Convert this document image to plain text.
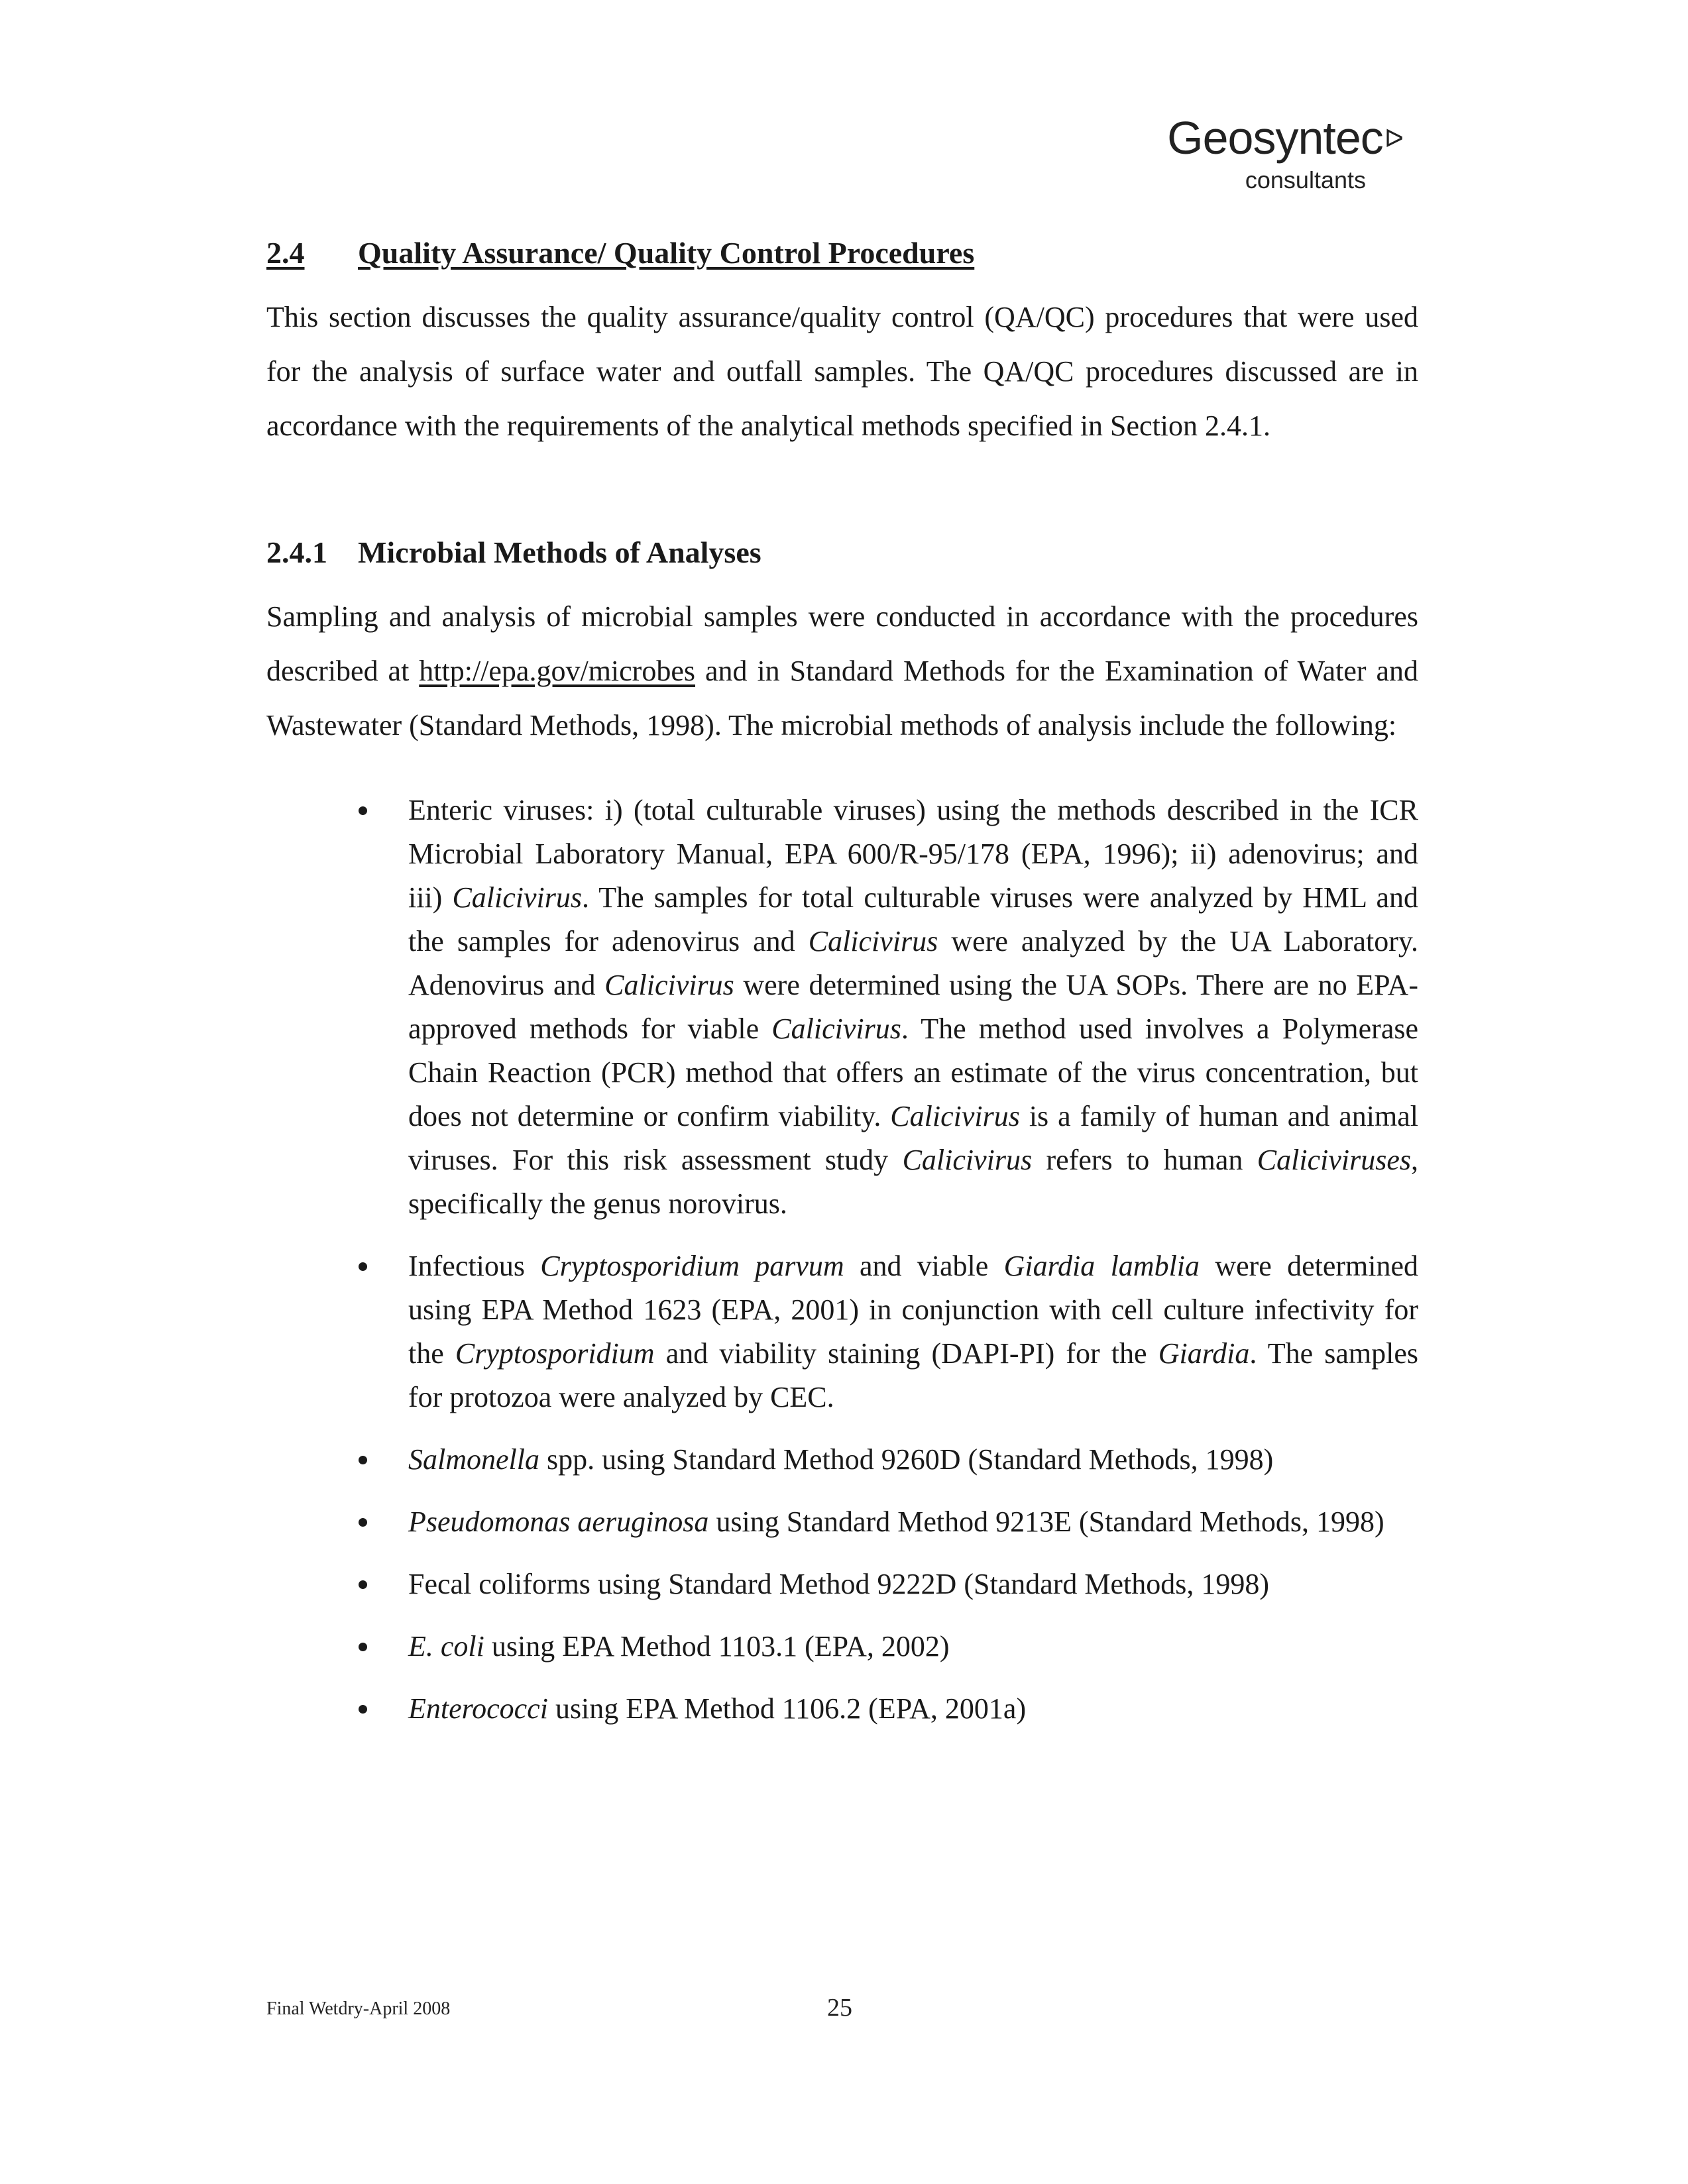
Geosyntecᐅ
consultants
2.4 Quality Assurance/ Quality Control Procedures

This section discusses the quality assurance/quality control (QA/QC) procedures that were used for the analysis of surface water and outfall samples. The QA/QC procedures discussed are in accordance with the requirements of the analytical methods specified in Section 2.4.1.

2.4.1 Microbial Methods of Analyses

Sampling and analysis of microbial samples were conducted in accordance with the procedures described at http://epa.gov/microbes and in Standard Methods for the Examination of Water and Wastewater (Standard Methods, 1998). The microbial methods of analysis include the following:

Enteric viruses: i) (total culturable viruses) using the methods described in the ICR Microbial Laboratory Manual, EPA 600/R-95/178 (EPA, 1996); ii) adenovirus; and iii) Calicivirus. The samples for total culturable viruses were analyzed by HML and the samples for adenovirus and Calicivirus were analyzed by the UA Laboratory. Adenovirus and Calicivirus were determined using the UA SOPs. There are no EPA-approved methods for viable Calicivirus. The method used involves a Polymerase Chain Reaction (PCR) method that offers an estimate of the virus concentration, but does not determine or confirm viability. Calicivirus is a family of human and animal viruses. For this risk assessment study Calicivirus refers to human Caliciviruses, specifically the genus norovirus.
Infectious Cryptosporidium parvum and viable Giardia lamblia were determined using EPA Method 1623 (EPA, 2001) in conjunction with cell culture infectivity for the Cryptosporidium and viability staining (DAPI-PI) for the Giardia. The samples for protozoa were analyzed by CEC.
Salmonella spp. using Standard Method 9260D (Standard Methods, 1998)
Pseudomonas aeruginosa using Standard Method 9213E (Standard Methods, 1998)
Fecal coliforms using Standard Method 9222D (Standard Methods, 1998)
E. coli using EPA Method 1103.1 (EPA, 2002)
Enterococci using EPA Method 1106.2 (EPA, 2001a)
Final Wetdry-April 2008	25
